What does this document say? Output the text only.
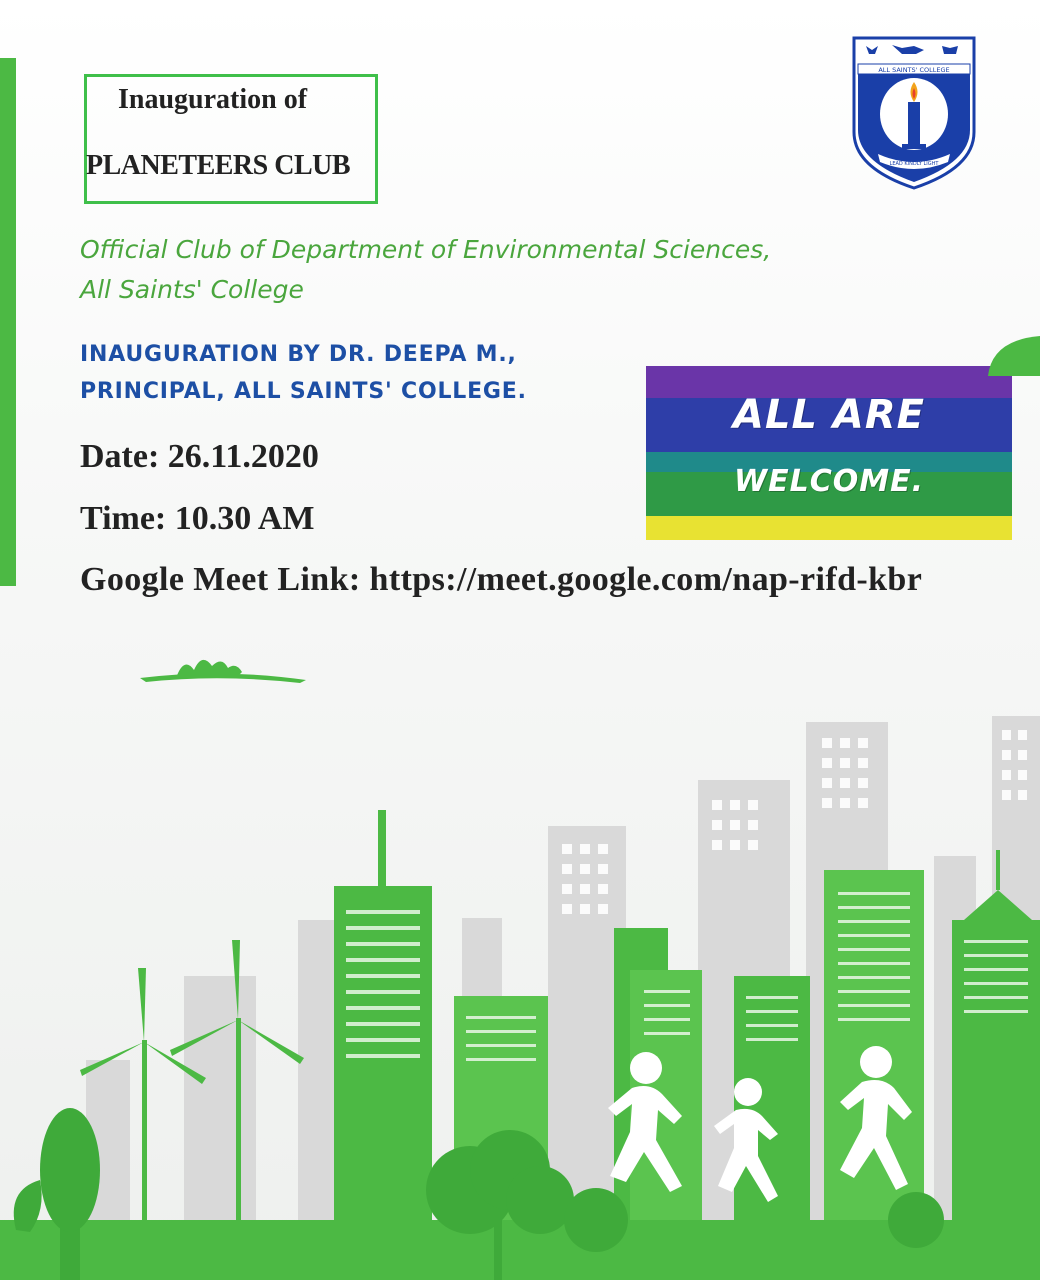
Inauguration of
PLANETEERS CLUB
ALL SAINTS' COLLEGE
LEAD KINDLY LIGHT
Official Club of Department of Environmental Sciences,
All Saints' College
INAUGURATION BY DR. DEEPA M.,
PRINCIPAL, ALL SAINTS' COLLEGE.
ALL ARE
WELCOME.
Date: 26.11.2020
Time: 10.30 AM
Google Meet Link: https://meet.google.com/nap-rifd-kbr
